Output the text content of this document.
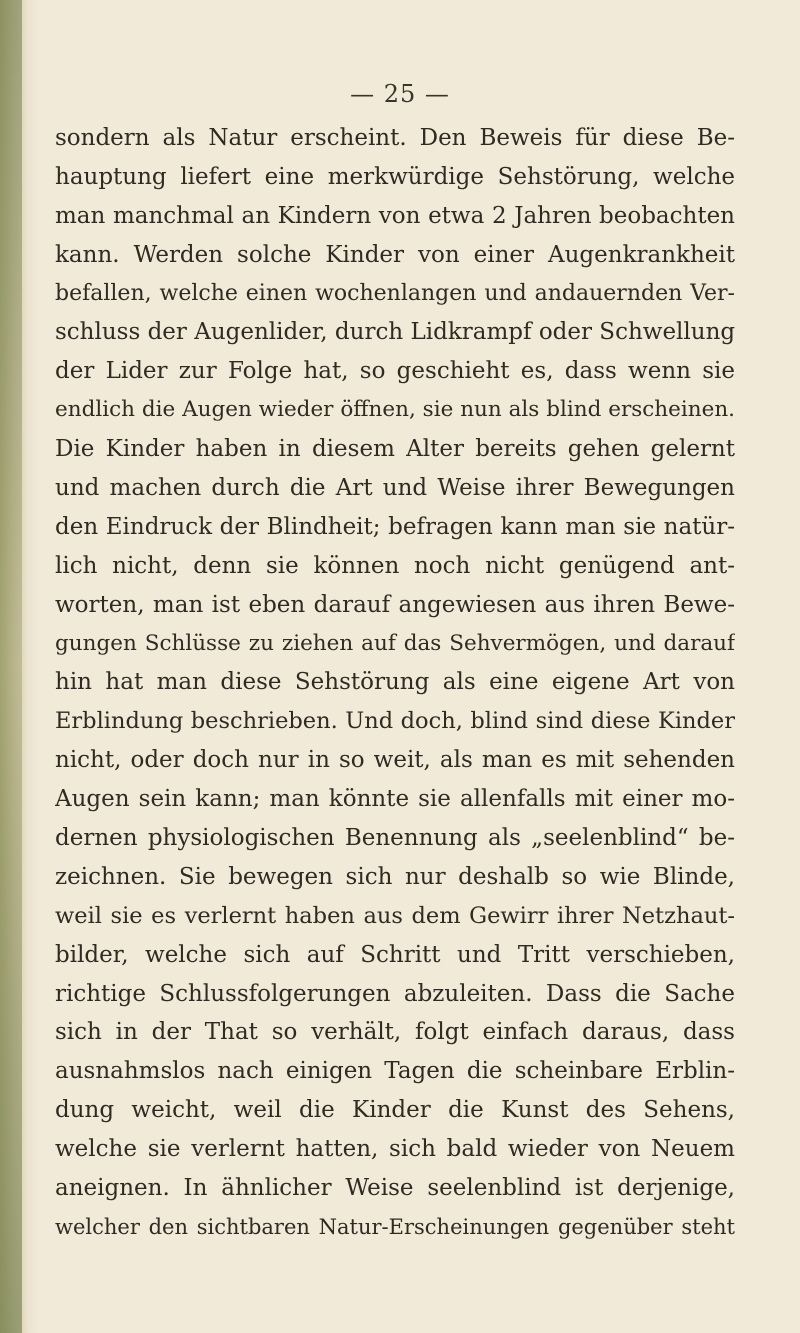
— 25 —
sondern als Natur erscheint. Den Beweis für diese Be-
hauptung liefert eine merkwürdige Sehstörung, welche
man manchmal an Kindern von etwa 2 Jahren beobachten
kann. Werden solche Kinder von einer Augenkrankheit
befallen, welche einen wochenlangen und andauernden Ver-
schluss der Augenlider, durch Lidkrampf oder Schwellung
der Lider zur Folge hat, so geschieht es, dass wenn sie
endlich die Augen wieder öffnen, sie nun als blind erscheinen.
Die Kinder haben in diesem Alter bereits gehen gelernt
und machen durch die Art und Weise ihrer Bewegungen
den Eindruck der Blindheit; befragen kann man sie natür-
lich nicht, denn sie können noch nicht genügend ant-
worten, man ist eben darauf angewiesen aus ihren Bewe-
gungen Schlüsse zu ziehen auf das Sehvermögen, und darauf
hin hat man diese Sehstörung als eine eigene Art von
Erblindung beschrieben. Und doch, blind sind diese Kinder
nicht, oder doch nur in so weit, als man es mit sehenden
Augen sein kann; man könnte sie allenfalls mit einer mo-
dernen physiologischen Benennung als „seelenblind“ be-
zeichnen. Sie bewegen sich nur deshalb so wie Blinde,
weil sie es verlernt haben aus dem Gewirr ihrer Netzhaut-
bilder, welche sich auf Schritt und Tritt verschieben,
richtige Schlussfolgerungen abzuleiten. Dass die Sache
sich in der That so verhält, folgt einfach daraus, dass
ausnahmslos nach einigen Tagen die scheinbare Erblin-
dung weicht, weil die Kinder die Kunst des Sehens,
welche sie verlernt hatten, sich bald wieder von Neuem
aneignen. In ähnlicher Weise seelenblind ist derjenige,
welcher den sichtbaren Natur-Erscheinungen gegenüber steht
